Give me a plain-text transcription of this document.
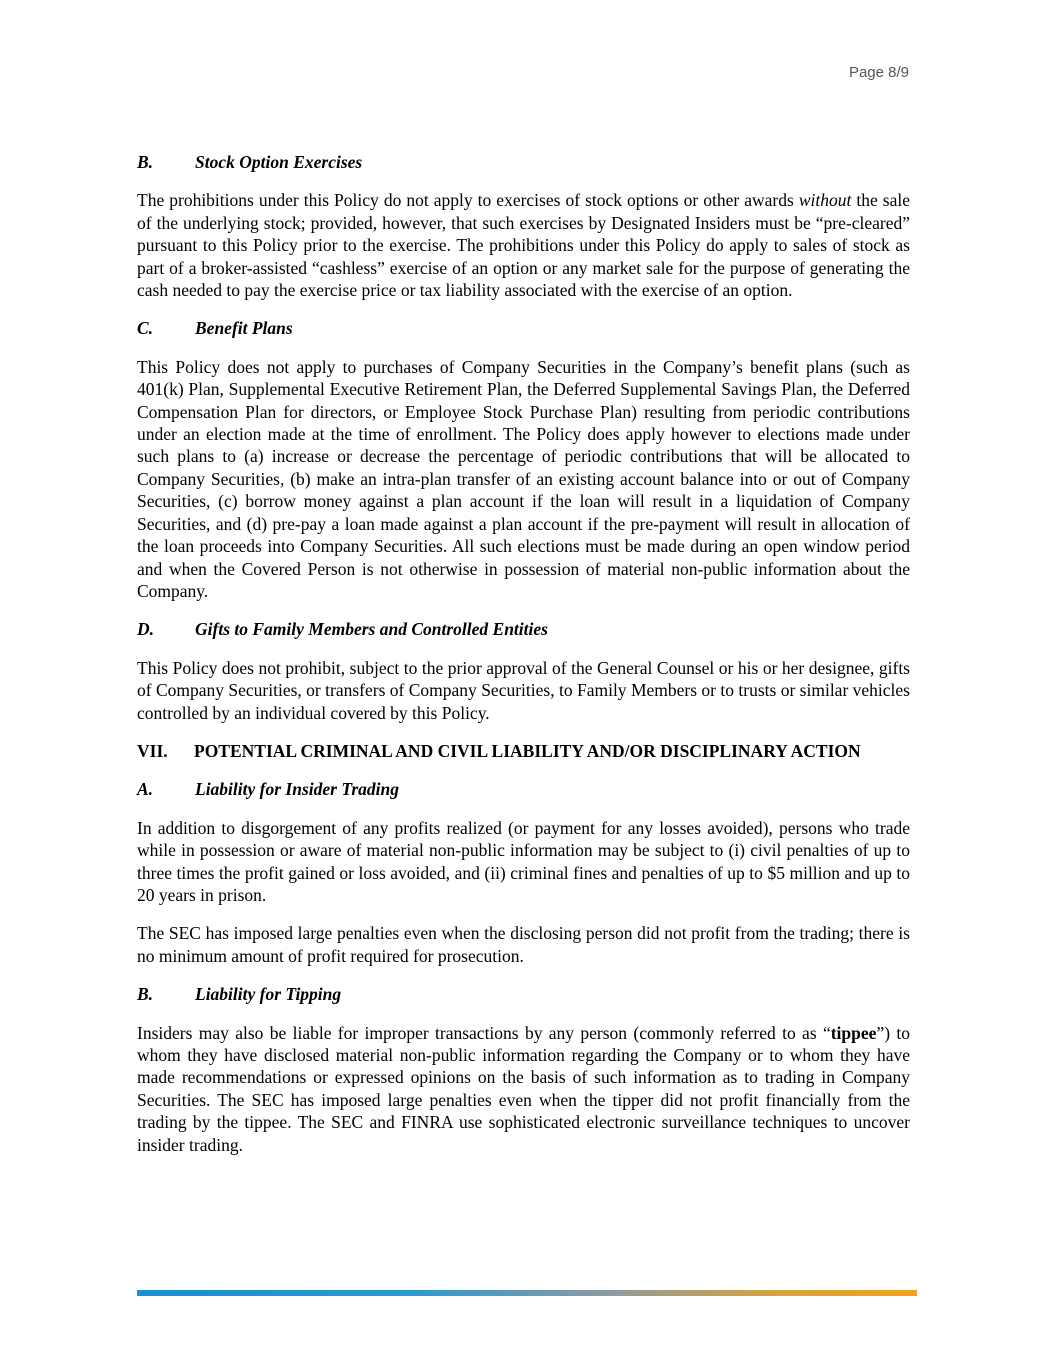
Page 8/9
B. Stock Option Exercises

The prohibitions under this Policy do not apply to exercises of stock options or other awards without the sale of the underlying stock; provided, however, that such exercises by Designated Insiders must be “pre-cleared” pursuant to this Policy prior to the exercise. The prohibitions under this Policy do apply to sales of stock as part of a broker-assisted “cashless” exercise of an option or any market sale for the purpose of generating the cash needed to pay the exercise price or tax liability associated with the exercise of an option.

C. Benefit Plans

This Policy does not apply to purchases of Company Securities in the Company’s benefit plans (such as 401(k) Plan, Supplemental Executive Retirement Plan, the Deferred Supplemental Savings Plan, the Deferred Compensation Plan for directors, or Employee Stock Purchase Plan) resulting from periodic contributions under an election made at the time of enrollment. The Policy does apply however to elections made under such plans to (a) increase or decrease the percentage of periodic contributions that will be allocated to Company Securities, (b) make an intra-plan transfer of an existing account balance into or out of Company Securities, (c) borrow money against a plan account if the loan will result in a liquidation of Company Securities, and (d) pre-pay a loan made against a plan account if the pre-payment will result in allocation of the loan proceeds into Company Securities. All such elections must be made during an open window period and when the Covered Person is not otherwise in possession of material non-public information about the Company.

D. Gifts to Family Members and Controlled Entities

This Policy does not prohibit, subject to the prior approval of the General Counsel or his or her designee, gifts of Company Securities, or transfers of Company Securities, to Family Members or to trusts or similar vehicles controlled by an individual covered by this Policy.

VII. POTENTIAL CRIMINAL AND CIVIL LIABILITY AND/OR DISCIPLINARY ACTION
A. Liability for Insider Trading

In addition to disgorgement of any profits realized (or payment for any losses avoided), persons who trade while in possession or aware of material non-public information may be subject to (i) civil penalties of up to three times the profit gained or loss avoided, and (ii) criminal fines and penalties of up to $5 million and up to 20 years in prison.

The SEC has imposed large penalties even when the disclosing person did not profit from the trading; there is no minimum amount of profit required for prosecution.

B. Liability for Tipping

Insiders may also be liable for improper transactions by any person (commonly referred to as “tippee”) to whom they have disclosed material non-public information regarding the Company or to whom they have made recommendations or expressed opinions on the basis of such information as to trading in Company Securities. The SEC has imposed large penalties even when the tipper did not profit financially from the trading by the tippee. The SEC and FINRA use sophisticated electronic surveillance techniques to uncover insider trading.
